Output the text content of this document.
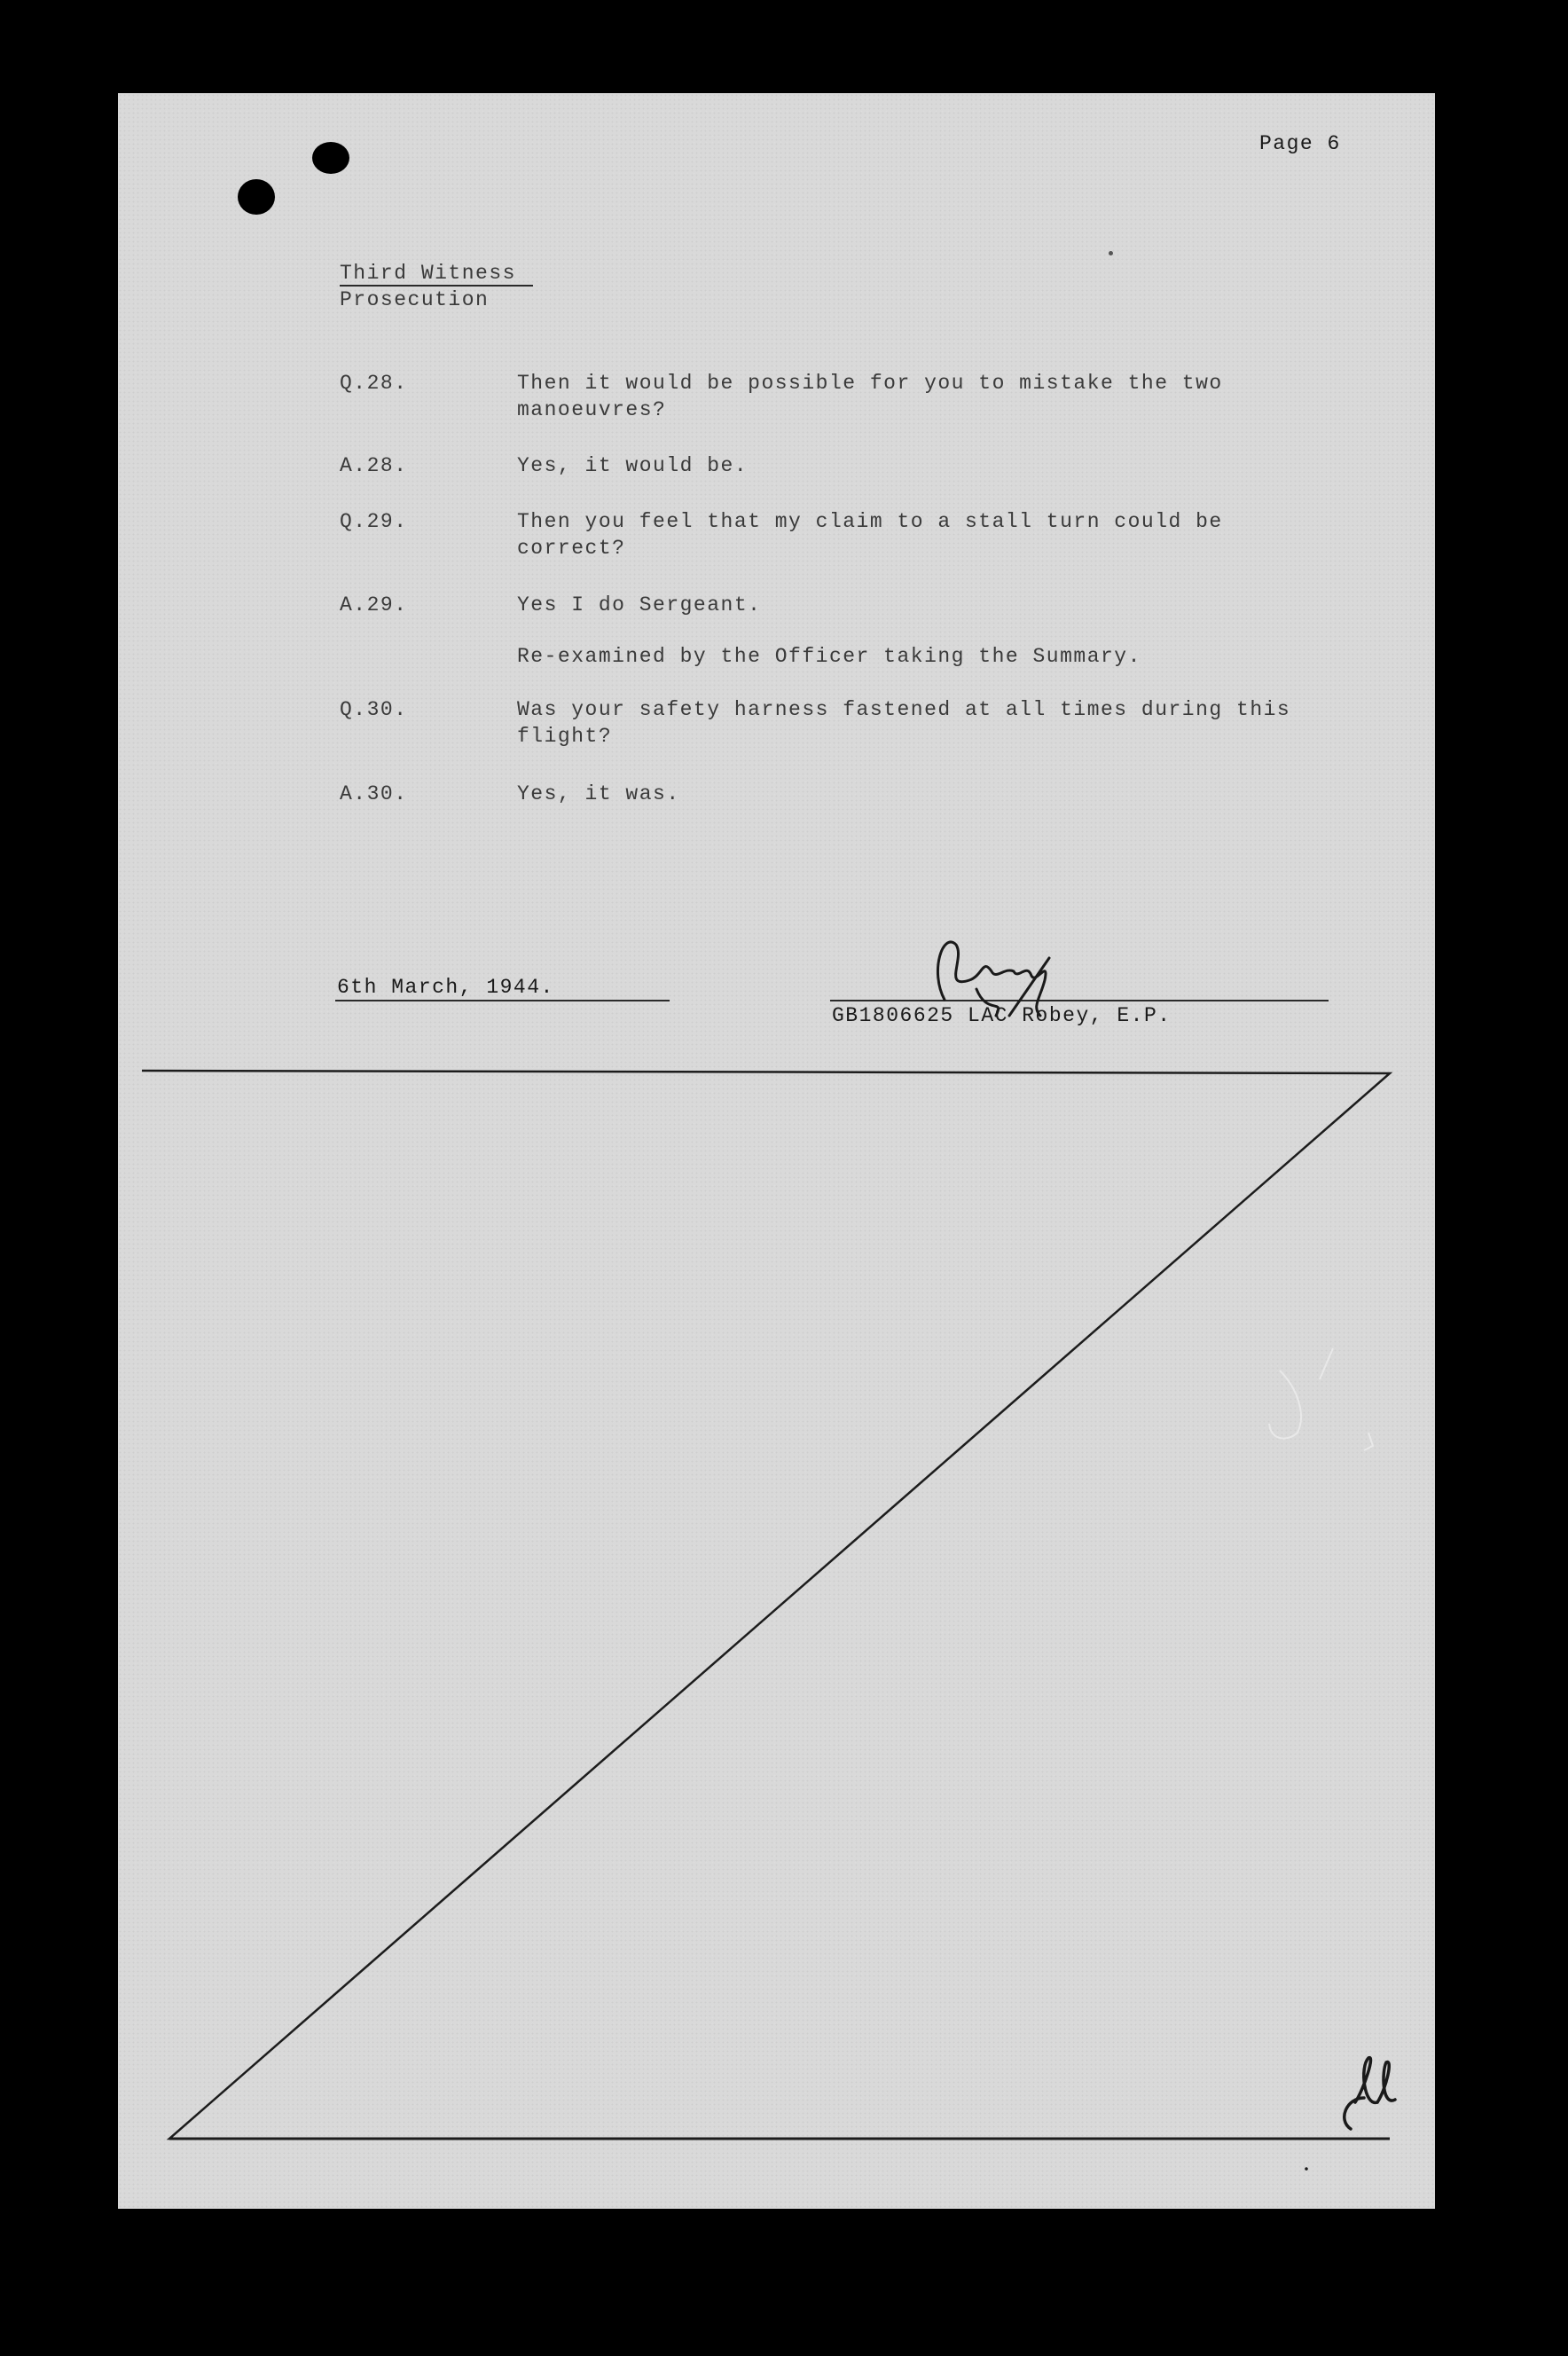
Page 6
Third Witness
Prosecution
Q.28.	Then it would be possible for you to mistake the two
manoeuvres?
A.28.	Yes, it would be.
Q.29.	Then you feel that my claim to a stall turn could be
correct?
A.29.	Yes I do Sergeant.
Re-examined by the Officer taking the Summary.
Q.30.	Was your safety harness fastened at all times during this
flight?
A.30.	Yes, it was.
6th March, 1944.
GB1806625 LAC Robey, E.P.
